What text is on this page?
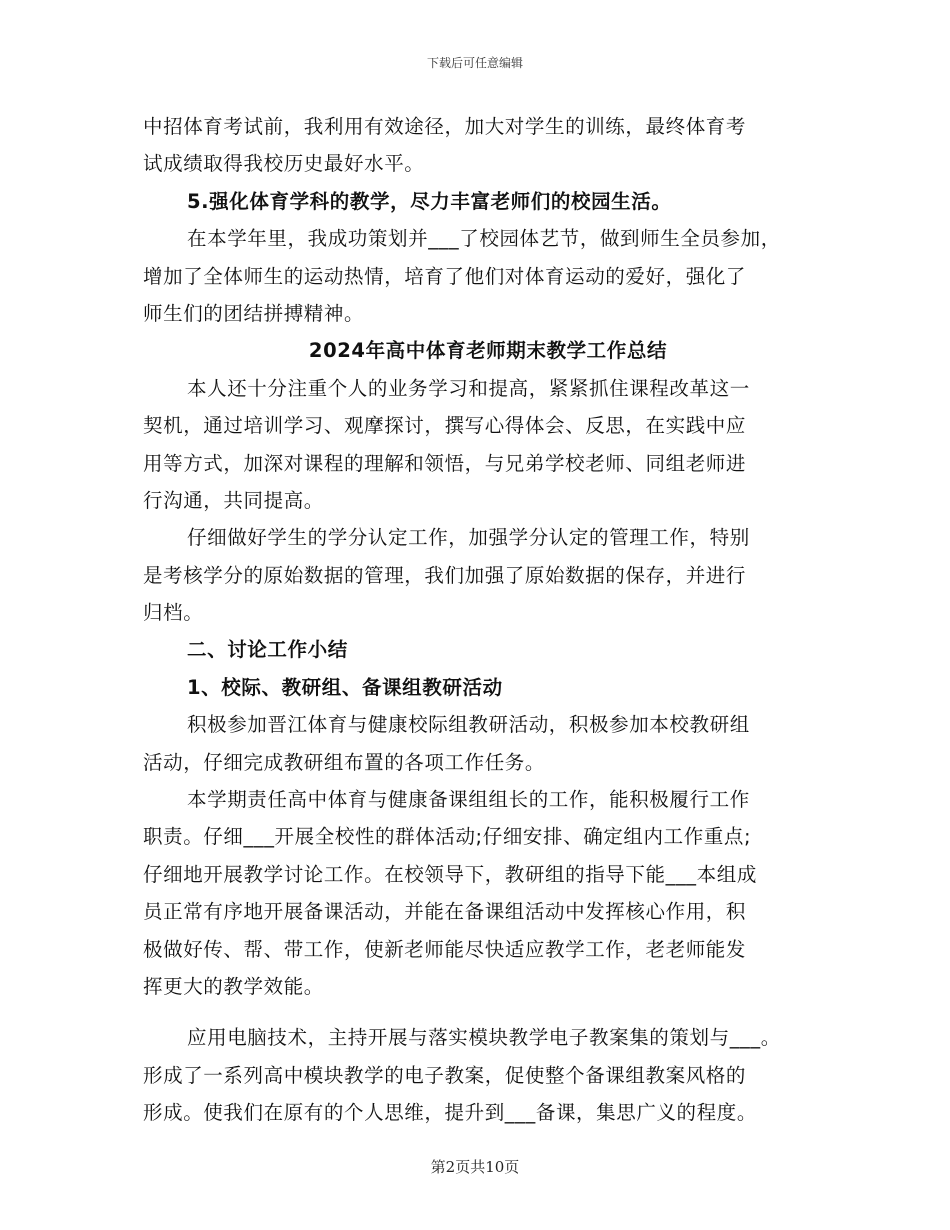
下载后可任意编辑
中招体育考试前，我利用有效途径，加大对学生的训练，最终体育考
试成绩取得我校历史最好水平。
5.强化体育学科的教学，尽力丰富老师们的校园生活。
在本学年里，我成功策划并___了校园体艺节，做到师生全员参加，
增加了全体师生的运动热情，培育了他们对体育运动的爱好，强化了
师生们的团结拼搏精神。
2024年高中体育老师期末教学工作总结
本人还十分注重个人的业务学习和提高，紧紧抓住课程改革这一
契机，通过培训学习、观摩探讨，撰写心得体会、反思，在实践中应
用等方式，加深对课程的理解和领悟，与兄弟学校老师、同组老师进
行沟通，共同提高。
仔细做好学生的学分认定工作，加强学分认定的管理工作，特别
是考核学分的原始数据的管理，我们加强了原始数据的保存，并进行
归档。
二、讨论工作小结
1、校际、教研组、备课组教研活动
积极参加晋江体育与健康校际组教研活动，积极参加本校教研组
活动，仔细完成教研组布置的各项工作任务。
本学期责任高中体育与健康备课组组长的工作，能积极履行工作
职责。仔细___开展全校性的群体活动;仔细安排、确定组内工作重点;
仔细地开展教学讨论工作。在校领导下，教研组的指导下能___本组成
员正常有序地开展备课活动，并能在备课组活动中发挥核心作用，积
极做好传、帮、带工作，使新老师能尽快适应教学工作，老老师能发
挥更大的教学效能。
应用电脑技术，主持开展与落实模块教学电子教案集的策划与___。
形成了一系列高中模块教学的电子教案，促使整个备课组教案风格的
形成。使我们在原有的个人思维，提升到___备课，集思广义的程度。
第2页共10页
